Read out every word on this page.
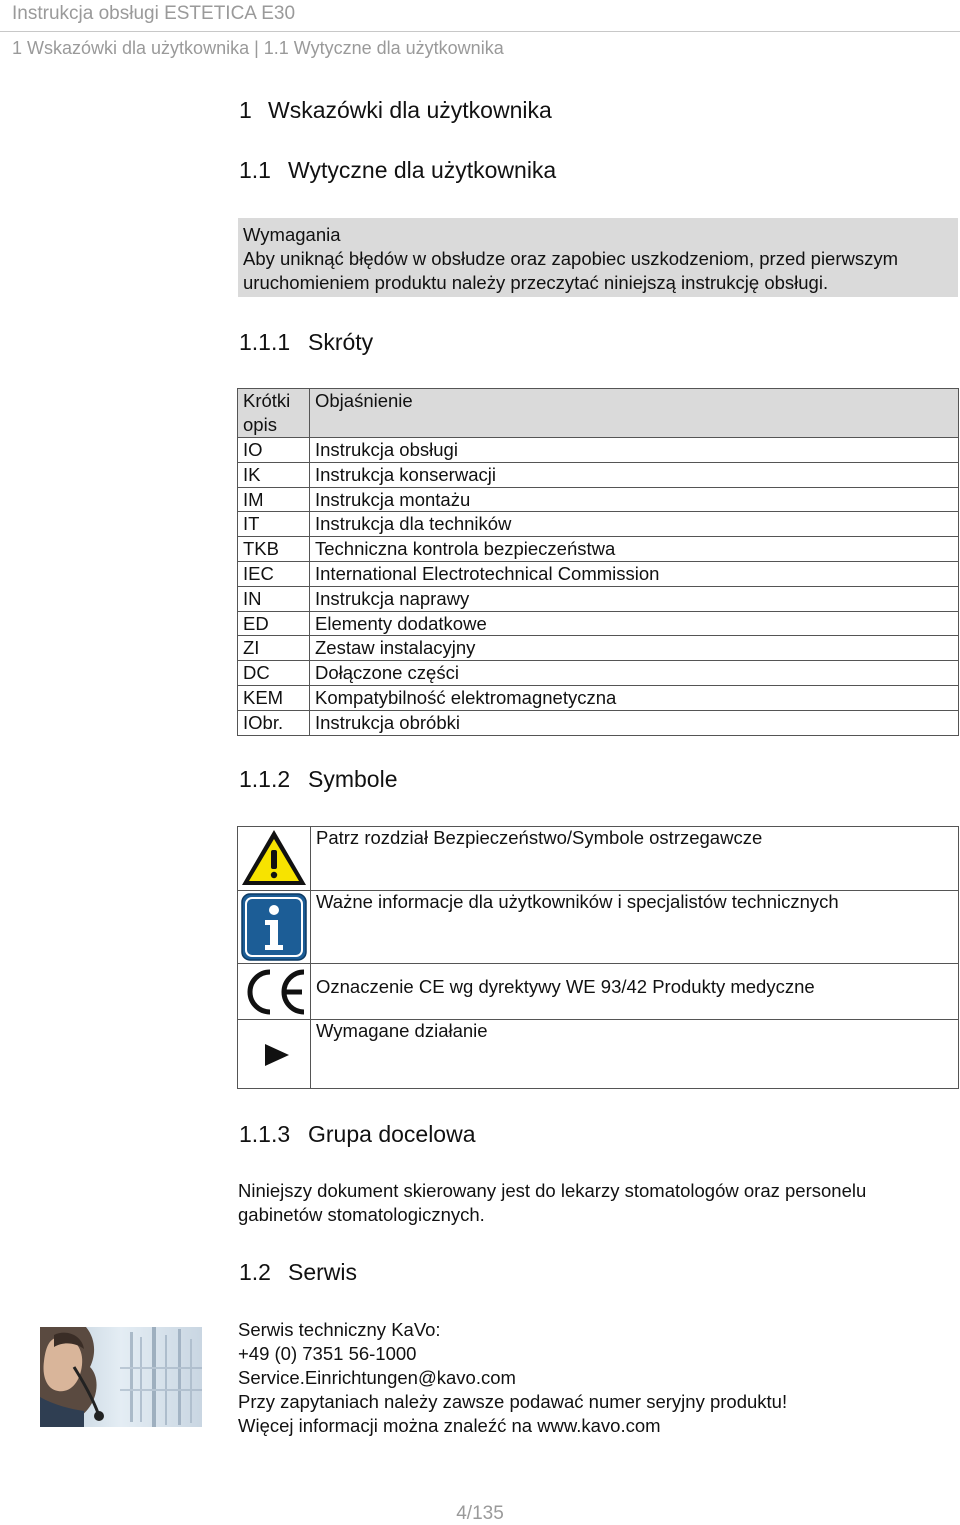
Instrukcja obsługi ESTETICA E30
1 Wskazówki dla użytkownika | 1.1 Wytyczne dla użytkownika
1 Wskazówki dla użytkownika
1.1 Wytyczne dla użytkownika
Wymagania
Aby uniknąć błędów w obsłudze oraz zapobiec uszkodzeniom, przed pierwszym
uruchomieniem produktu należy przeczytać niniejszą instrukcję obsługi.
1.1.1 Skróty
Krótki
opis	Objaśnienie
IO	Instrukcja obsługi
IK	Instrukcja konserwacji
IM	Instrukcja montażu
IT	Instrukcja dla techników
TKB	Techniczna kontrola bezpieczeństwa
IEC	International Electrotechnical Commission
IN	Instrukcja naprawy
ED	Elementy dodatkowe
ZI	Zestaw instalacyjny
DC	Dołączone części
KEM	Kompatybilność elektromagnetyczna
IObr.	Instrukcja obróbki
1.1.2 Symbole
	Patrz rozdział Bezpieczeństwo/Symbole ostrzegawcze

	Ważne informacje dla użytkowników i specjalistów technicznych

	Oznaczenie CE wg dyrektywy WE 93/42 Produkty medyczne

	Wymagane działanie
1.1.3 Grupa docelowa
Niniejszy dokument skierowany jest do lekarzy stomatologów oraz personelu
gabinetów stomatologicznych.
1.2 Serwis
Serwis techniczny KaVo:
+49 (0) 7351 56-1000
Service.Einrichtungen@kavo.com
Przy zapytaniach należy zawsze podawać numer seryjny produktu!
Więcej informacji można znaleźć na www.kavo.com
4/135
